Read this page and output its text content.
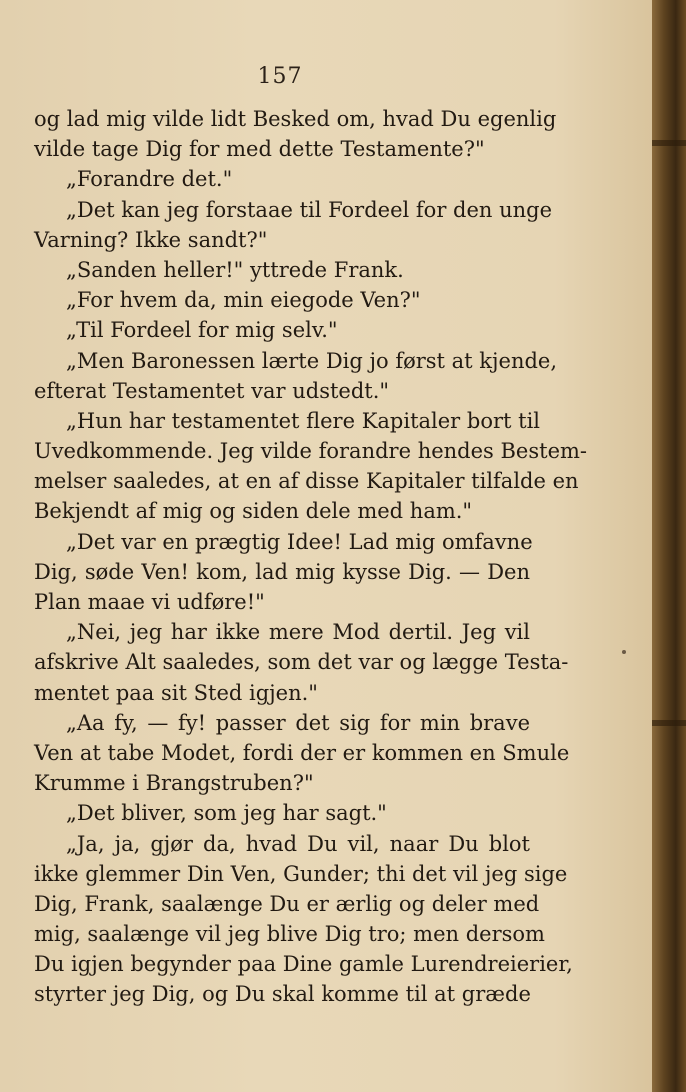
157
og lad mig vilde lidt Besked om, hvad Du egenlig
vilde tage Dig for med dette Testamente?"
„Forandre det."
„Det kan jeg forstaae til Fordeel for den unge
Varning? Ikke sandt?"
„Sanden heller!" yttrede Frank.
„For hvem da, min eiegode Ven?"
„Til Fordeel for mig selv."
„Men Baronessen lærte Dig jo først at kjende,
efterat Testamentet var udstedt."
„Hun har testamentet flere Kapitaler bort til
Uvedkommende. Jeg vilde forandre hendes Bestem-
melser saaledes, at en af disse Kapitaler tilfalde en
Bekjendt af mig og siden dele med ham."
„Det var en prægtig Idee! Lad mig omfavne
Dig, søde Ven! kom, lad mig kysse Dig. — Den
Plan maae vi udføre!"
„Nei, jeg har ikke mere Mod dertil. Jeg vil
afskrive Alt saaledes, som det var og lægge Testa-
mentet paa sit Sted igjen."
„Aa fy, — fy! passer det sig for min brave
Ven at tabe Modet, fordi der er kommen en Smule
Krumme i Brangstruben?"
„Det bliver, som jeg har sagt."
„Ja, ja, gjør da, hvad Du vil, naar Du blot
ikke glemmer Din Ven, Gunder; thi det vil jeg sige
Dig, Frank, saalænge Du er ærlig og deler med
mig, saalænge vil jeg blive Dig tro; men dersom
Du igjen begynder paa Dine gamle Lurendreierier,
styrter jeg Dig, og Du skal komme til at græde
